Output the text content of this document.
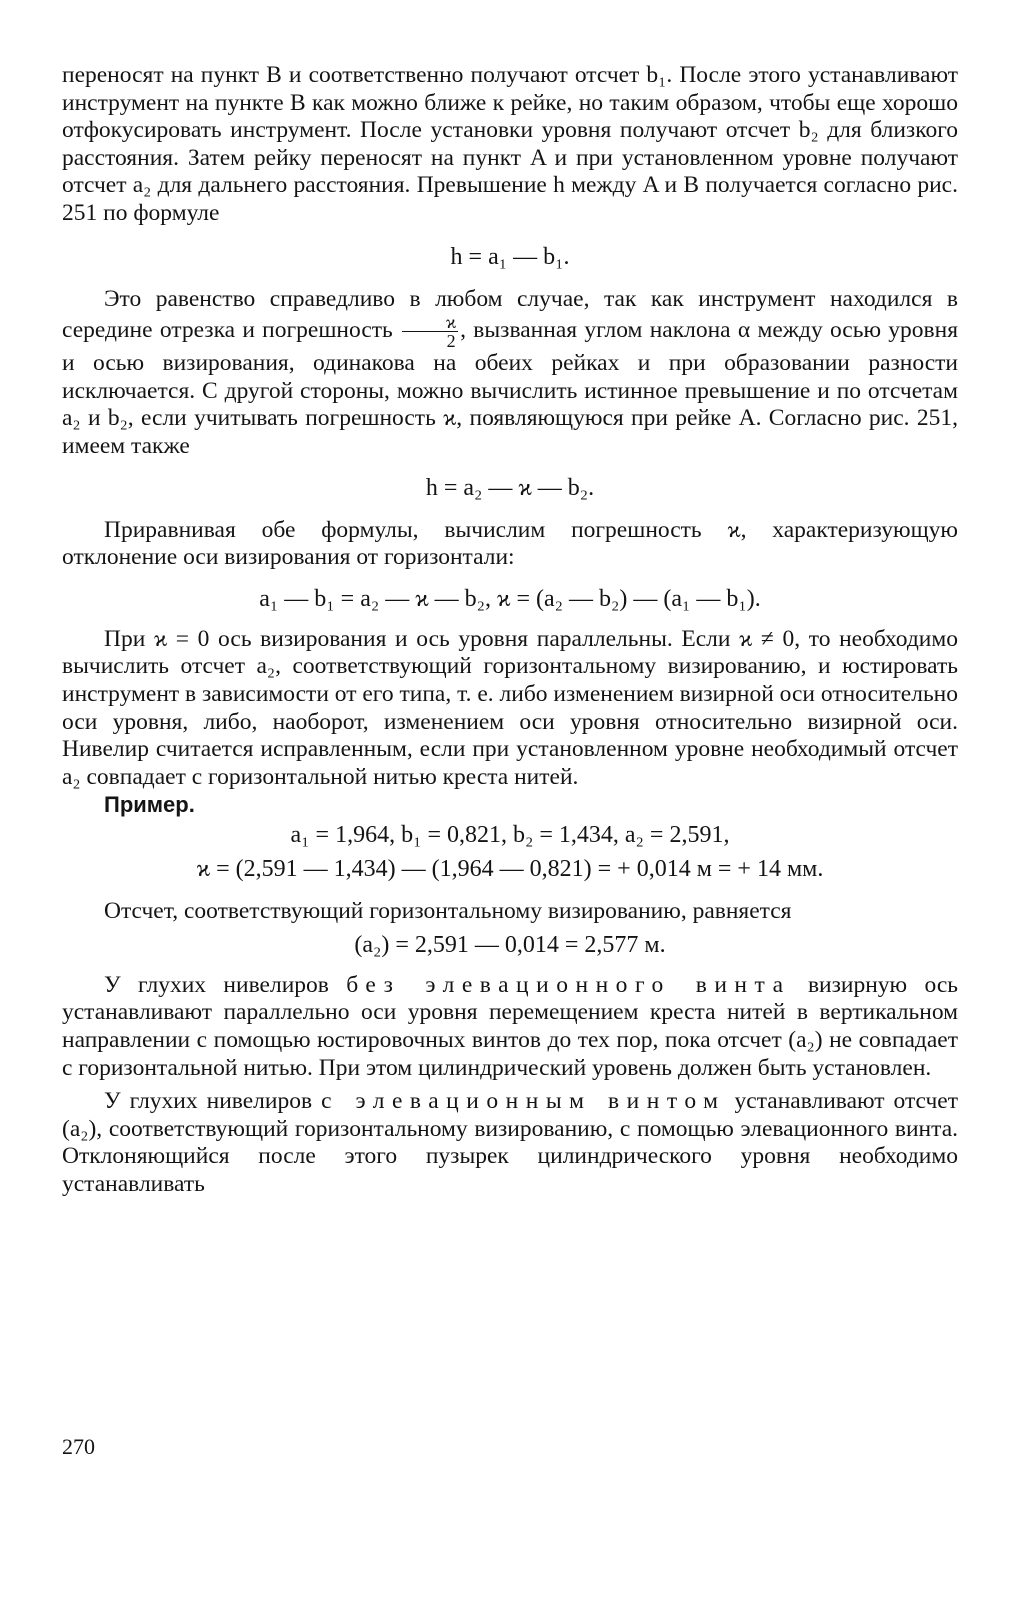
переносят на пункт B и соответственно получают отсчет b₁. После этого устанавливают инструмент на пункте B как можно ближе к рейке, но таким образом, чтобы еще хорошо отфокусировать инструмент. После установки уровня получают отсчет b₂ для близкого расстояния. Затем рейку переносят на пункт A и при установленном уровне получают отсчет a₂ для дальнего расстояния. Превышение h между A и B получается согласно рис. 251 по формуле

h = a₁ — b₁.

Это равенство справедливо в любом случае, так как инструмент находился в середине отрезка и погрешность $\frac{ϰ}{2}$ , вызванная углом наклона α между осью уровня и осью визирования, одинакова на обеих рейках и при образовании разности исключается. С другой стороны, можно вычислить истинное превышение и по отсчетам a₂ и b₂, если учитывать погрешность ϰ, появляющуюся при рейке A. Согласно рис. 251, имеем также

h = a₂ — ϰ — b₂.

Приравнивая обе формулы, вычислим погрешность ϰ, характеризующую отклонение оси визирования от горизонтали:

a₁ — b₁ = a₂ — ϰ — b₂, ϰ = (a₂ — b₂) — (a₁ — b₁).

При ϰ = 0 ось визирования и ось уровня параллельны. Если ϰ ≠ 0, то необходимо вычислить отсчет a₂, соответствующий горизонтальному визированию, и юстировать инструмент в зависимости от его типа, т. е. либо изменением визирной оси относительно оси уровня, либо, наоборот, изменением оси уровня относительно визирной оси. Нивелир считается исправленным, если при установленном уровне необходимый отсчет a₂ совпадает с горизонтальной нитью креста нитей.

Пример.

a₁ = 1,964, b₁ = 0,821, b₂ = 1,434, a₂ = 2,591,

ϰ = (2,591 — 1,434) — (1,964 — 0,821) = + 0,014 м = + 14 мм.

Отсчет, соответствующий горизонтальному визированию, равняется

(a₂) = 2,591 — 0,014 = 2,577 м.

У глухих нивелиров без элевационного винта визирную ось устанавливают параллельно оси уровня перемещением креста нитей в вертикальном направлении с помощью юстировочных винтов до тех пор, пока отсчет (a₂) не совпадает с горизонтальной нитью. При этом цилиндрический уровень должен быть установлен.

У глухих нивелиров с элевационным винтом устанавливают отсчет (a₂), соответствующий горизонтальному визированию, с помощью элевационного винта. Отклоняющийся после этого пузырек цилиндрического уровня необходимо устанавливать

270
